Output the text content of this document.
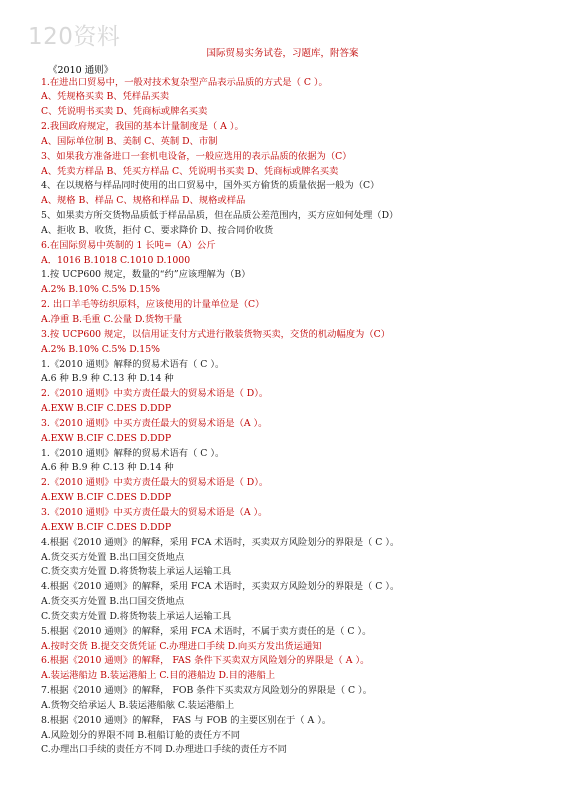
120资料
国际贸易实务试卷，习题库，附答案
《2010 通则》
1.在进出口贸易中，一般对技术复杂型产品表示品质的方式是（ C ）。
A、凭规格买卖 B、凭样品买卖
C、凭说明书买卖 D、凭商标或牌名买卖
2.我国政府规定，我国的基本计量制度是（ A ）。
A、国际单位制 B、美制 C、英制 D、市制
3、如果我方准备进口一套机电设备，一般应选用的表示品质的依据为（C）
A、凭卖方样品 B、凭买方样品 C、凭说明书买卖 D、凭商标或牌名买卖
4、在以规格与样品同时使用的出口贸易中，国外买方偷货的质量依据一般为（C）
A、规格 B、样品 C、规格和样品 D、规格或样品
5、如果卖方所交货物品质低于样品品质，但在品质公差范围内，买方应如何处理（D）
A、拒收 B、收货，拒付 C、要求降价 D、按合同价收货
6.在国际贸易中英制的 1 长吨=（A）公斤
A．1016 B.1018 C.1010 D.1000
1.按 UCP600 规定，数量的“约”应该理解为（B）
A.2% B.10% C.5% D.15%
2. 出口羊毛等纺织原料，应该使用的计量单位是（C）
A.净重 B.毛重 C.公量 D.货物干量
3.按 UCP600 规定，以信用证支付方式进行散装货物买卖，交货的机动幅度为（C）
A.2% B.10% C.5% D.15%
1.《2010 通则》解释的贸易术语有（ C ）。
A.6 种 B.9 种 C.13 种 D.14 种
2.《2010 通则》中卖方责任最大的贸易术语是（ D）。
A.EXW B.CIF C.DES D.DDP
3.《2010 通则》中买方责任最大的贸易术语是（A ）。
A.EXW B.CIF C.DES D.DDP
1.《2010 通则》解释的贸易术语有（ C ）。
A.6 种 B.9 种 C.13 种 D.14 种
2.《2010 通则》中卖方责任最大的贸易术语是（ D）。
A.EXW B.CIF C.DES D.DDP
3.《2010 通则》中买方责任最大的贸易术语是（A ）。
A.EXW B.CIF C.DES D.DDP
4.根据《2010 通则》的解释，采用 FCA 术语时，买卖双方风险划分的界限是（ C ）。
A.货交买方处置 B.出口国交货地点
C.货交卖方处置 D.将货物装上承运人运输工具
4.根据《2010 通则》的解释，采用 FCA 术语时，买卖双方风险划分的界限是（ C ）。
A.货交买方处置 B.出口国交货地点
C.货交卖方处置 D.将货物装上承运人运输工具
5.根据《2010 通则》的解释，采用 FCA 术语时，不属于卖方责任的是（ C ）。
A.按时交货 B.提交交货凭证 C.办理进口手续 D.向买方发出货运通知
6.根据《2010 通则》的解释， FAS 条件下买卖双方风险划分的界限是（ A ）。
A.装运港船边 B.装运港船上 C.目的港船边 D.目的港船上
7.根据《2010 通则》的解释， FOB 条件下买卖双方风险划分的界限是（ C ）。
A.货物交给承运人 B.装运港船舷 C.装运港船上
8.根据《2010 通则》的解释， FAS 与 FOB 的主要区别在于（ A ）。
A.风险划分的界限不同 B.租船订舱的责任方不同
C.办理出口手续的责任方不同 D.办理进口手续的责任方不同
